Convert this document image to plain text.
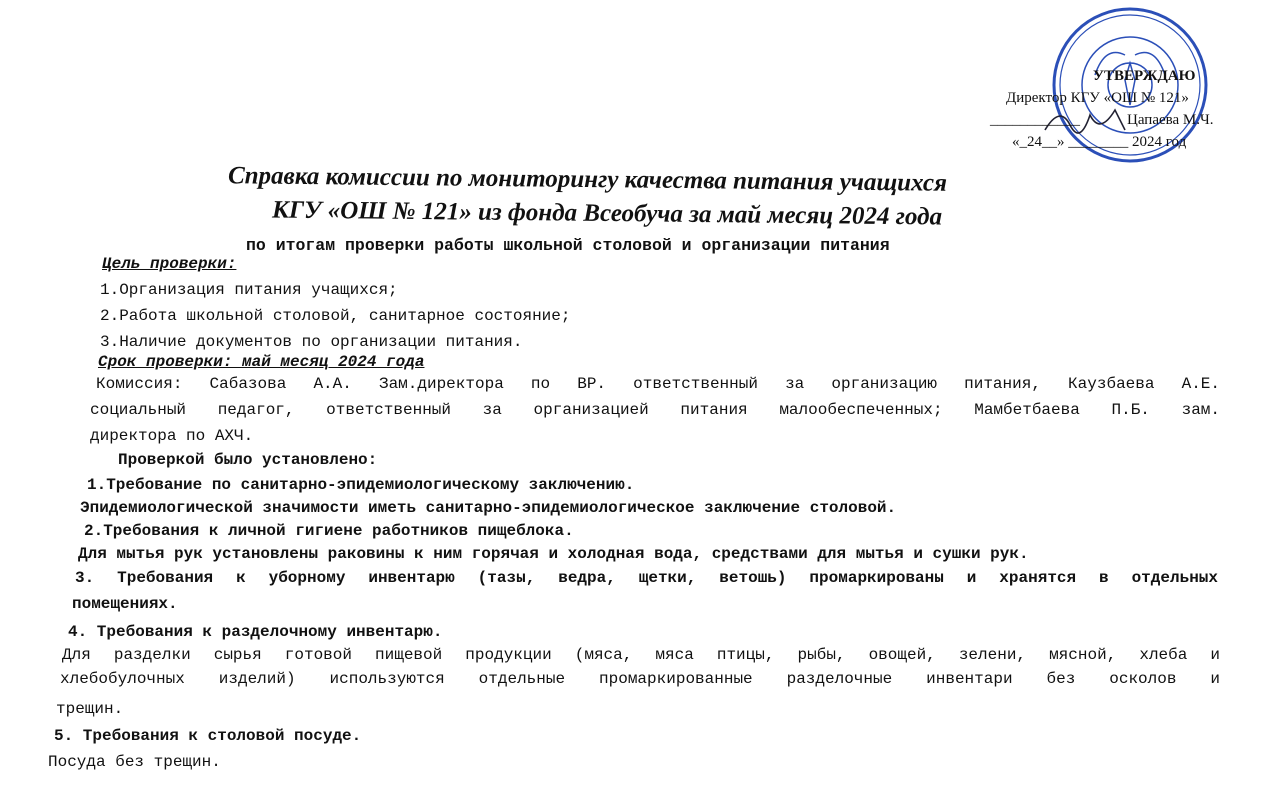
УТВЕРЖДАЮ
Директор КГУ «ОШ № 121»
____________	Цапаева М.Ч.
«_24__» ________ 2024 год
Справка комиссии по мониторингу качества питания учащихся
КГУ «ОШ № 121» из фонда Всеобуча за май месяц 2024 года
по итогам проверки работы школьной столовой и организации питания
Цель проверки:
1.Организация питания учащихся;
2.Работа школьной столовой, санитарное состояние;
3.Наличие документов по организации питания.
Срок проверки: май месяц 2024 года
Комиссия: Сабазова А.А. Зам.директора по ВР. ответственный за организацию питания, Каузбаева А.Е.
социальный педагог, ответственный за организацией питания малообеспеченных; Мамбетбаева П.Б. зам.
директора по АХЧ.
Проверкой было установлено:
1.Требование по санитарно-эпидемиологическому заключению.
Эпидемиологической значимости иметь санитарно-эпидемиологическое заключение столовой.
2.Требования к личной гигиене работников пищеблока.
Для мытья рук установлены раковины к ним горячая и холодная вода, средствами для мытья и сушки рук.
3. Требования к уборному инвентарю (тазы, ведра, щетки, ветошь) промаркированы и хранятся в отдельных
помещениях.
4. Требования к разделочному инвентарю.
Для разделки сырья готовой пищевой продукции (мяса, мяса птицы, рыбы, овощей, зелени, мясной, хлеба и
хлебобулочных изделий) используются отдельные промаркированные разделочные инвентари без осколов и
трещин.
5. Требования к столовой посуде.
Посуда без трещин.
